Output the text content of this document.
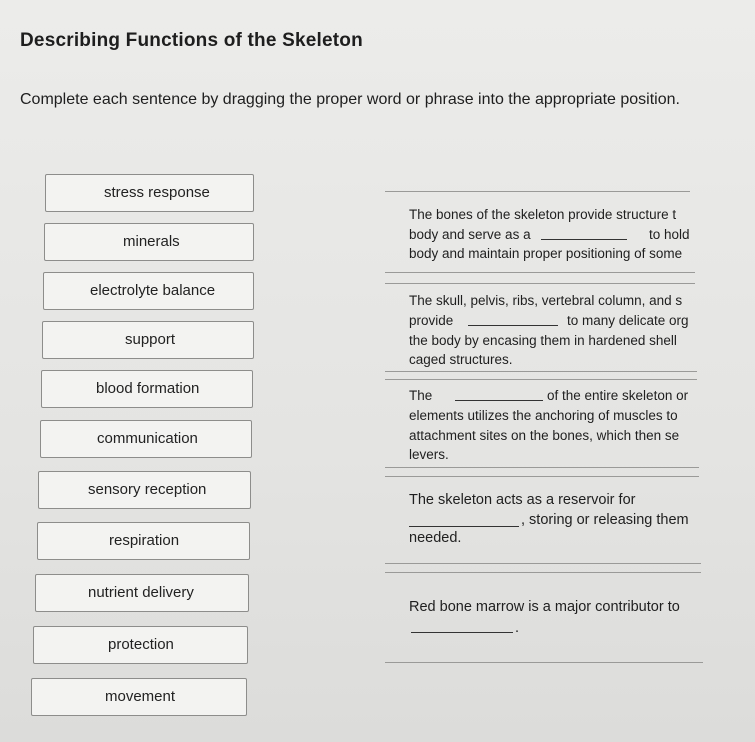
Describing Functions of the Skeleton
Complete each sentence by dragging the proper word or phrase into the appropriate position.
stress response
minerals
electrolyte balance
support
blood formation
communication
sensory reception
respiration
nutrient delivery
protection
movement
The bones of the skeleton provide structure t
body and serve as a	to hold
body and maintain proper positioning of some
The skull, pelvis, ribs, vertebral column, and s
provide	to many delicate org
the body by encasing them in hardened shell
caged structures.
The	of the entire skeleton or
elements utilizes the anchoring of muscles to
attachment sites on the bones, which then se
levers.
The skeleton acts as a reservoir for
, storing or releasing them
needed.
Red bone marrow is a major contributor to
.
